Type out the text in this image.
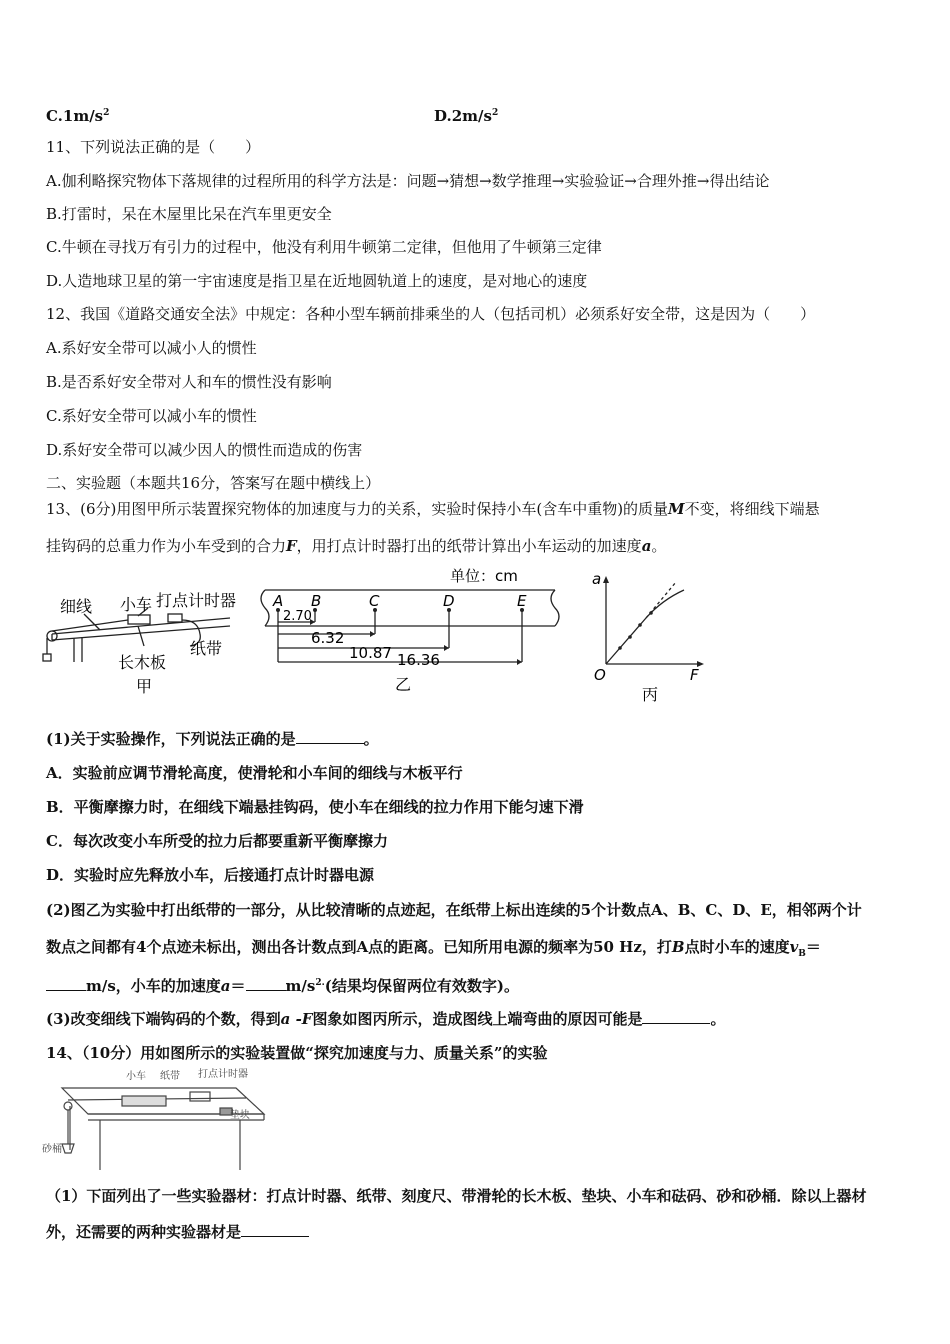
$C.1m/s^2$	$D.2m/s^2$
11、下列说法正确的是（　　）
A.伽利略探究物体下落规律的过程所用的科学方法是：问题→猜想→数学推理→实验验证→合理外推→得出结论
B.打雷时，呆在木屋里比呆在汽车里更安全
C.牛顿在寻找万有引力的过程中，他没有利用牛顿第二定律，但他用了牛顿第三定律
D.人造地球卫星的第一宇宙速度是指卫星在近地圆轨道上的速度，是对地心的速度
12、我国《道路交通安全法》中规定：各种小型车辆前排乘坐的人（包括司机）必须系好安全带，这是因为（　　）
A.系好安全带可以减小人的惯性
B.是否系好安全带对人和车的惯性没有影响
C.系好安全带可以减小车的惯性
D.系好安全带可以减少因人的惯性而造成的伤害
二、实验题（本题共16分，答案写在题中横线上）
13、(6分)用图甲所示装置探究物体的加速度与力的关系，实验时保持小车(含车中重物)的质量M不变，将细线下端悬
挂钩码的总重力作为小车受到的合力F，用打点计时器打出的纸带计算出小车运动的加速度a。
细线 小车 打点计时器
长木板
纸带
甲
单位：cm
A B	C	D	E
2.70
6.32
10.87 16.36
乙
a
F
O
丙
(1)关于实验操作，下列说法正确的是	。
A．实验前应调节滑轮高度，使滑轮和小车间的细线与木板平行
B．平衡摩擦力时，在细线下端悬挂钩码，使小车在细线的拉力作用下能匀速下滑
C．每次改变小车所受的拉力后都要重新平衡摩擦力
D．实验时应先释放小车，后接通打点计时器电源
(2)图乙为实验中打出纸带的一部分，从比较清晰的点迹起，在纸带上标出连续的5个计数点A、B、C、D、E，相邻两个计
数点之间都有4个点迹未标出，测出各计数点到A点的距离。已知所用电源的频率为50 Hz，打B点时小车的速度$v_B=$
m/s，小车的加速度a＝	$m/s^{2.}$(结果均保留两位有效数字)。
(3)改变细线下端钩码的个数，得到a -F图象如图丙所示，造成图线上端弯曲的原因可能是	。
14、（10分）用如图所示的实验装置做“探究加速度与力、质量关系”的实验
小车 纸带 打点计时器
垫块
砂桶
（1）下面列出了一些实验器材：打点计时器、纸带、刻度尺、带滑轮的长木板、垫块、小车和砝码、砂和砂桶．除以上器材
外，还需要的两种实验器材是
